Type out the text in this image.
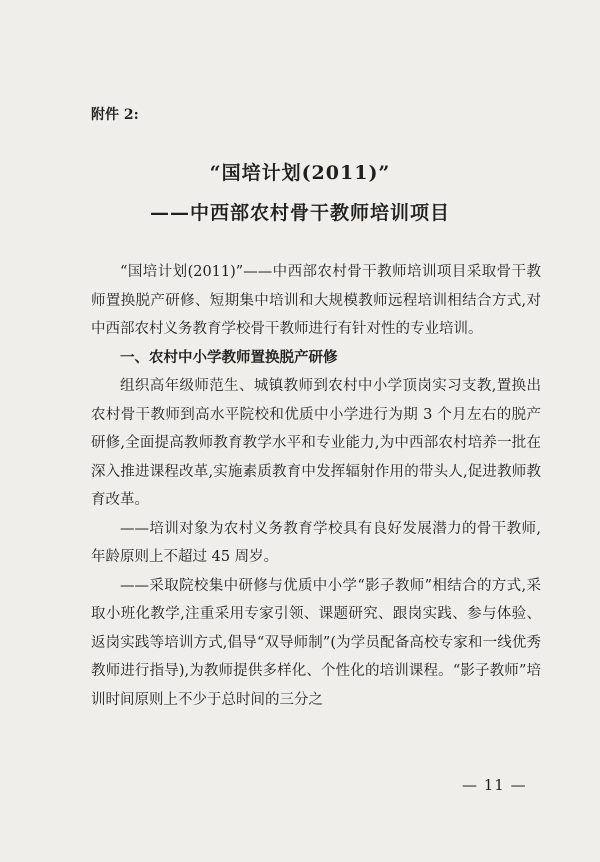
附件 2:
“国培计划(2011)”
——中西部农村骨干教师培训项目

“国培计划(2011)”——中西部农村骨干教师培训项目采取骨干教师置换脱产研修、短期集中培训和大规模教师远程培训相结合方式,对中西部农村义务教育学校骨干教师进行有针对性的专业培训。

一、农村中小学教师置换脱产研修

组织高年级师范生、城镇教师到农村中小学顶岗实习支教,置换出农村骨干教师到高水平院校和优质中小学进行为期 3 个月左右的脱产研修,全面提高教师教育教学水平和专业能力,为中西部农村培养一批在深入推进课程改革,实施素质教育中发挥辐射作用的带头人,促进教师教育改革。

——培训对象为农村义务教育学校具有良好发展潜力的骨干教师,年龄原则上不超过 45 周岁。

——采取院校集中研修与优质中小学“影子教师”相结合的方式,采取小班化教学,注重采用专家引领、课题研究、跟岗实践、参与体验、返岗实践等培训方式,倡导“双导师制”(为学员配备高校专家和一线优秀教师进行指导),为教师提供多样化、个性化的培训课程。“影子教师”培训时间原则上不少于总时间的三分之

— 11 —
